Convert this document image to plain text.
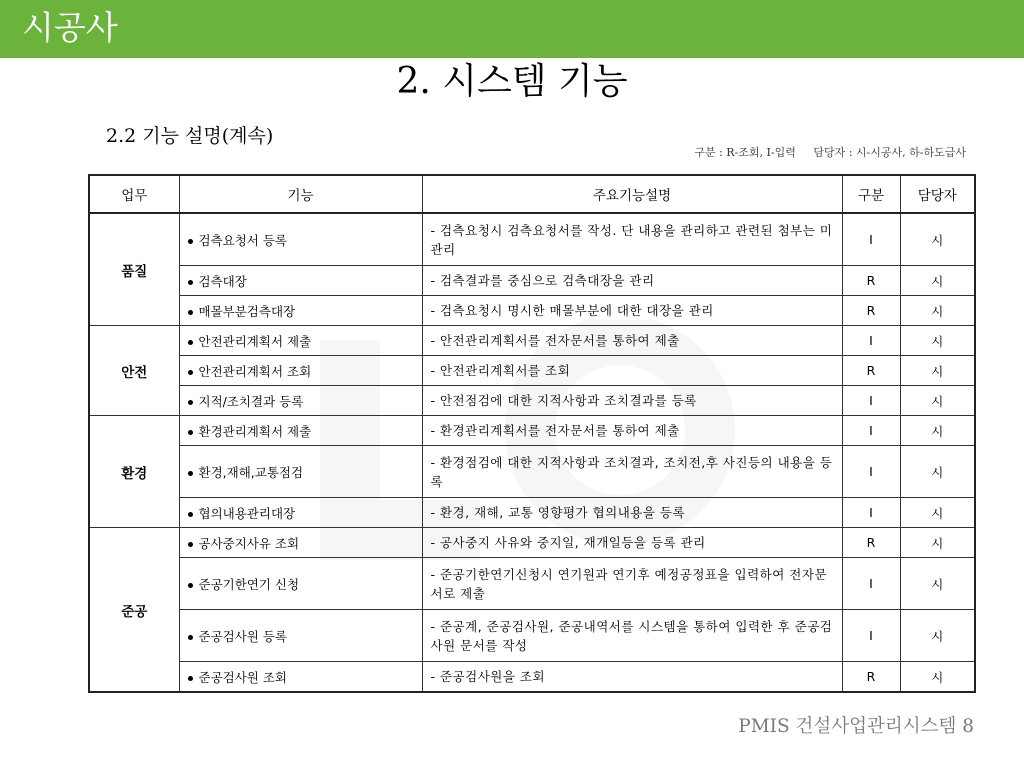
시공사
2. 시스템 기능
2.2 기능 설명(계속)
구분 : R-조회, I-입력     담당자 : 시-시공사, 하-하도급사
업무	기능	주요기능설명	구분	담당자
품질	검측요청서 등록	- 검측요청시 검측요청서를 작성. 단 내용을 관리하고 관련된 첨부는 미관리	I	시
	검측대장	- 검측결과를 중심으로 검측대장을 관리	R	시
	매몰부분검측대장	- 검측요청시 명시한 매몰부분에 대한 대장을 관리	R	시
안전	안전관리계획서 제출	- 안전관리계획서를 전자문서를 통하여 제출	I	시
	안전관리계획서 조회	- 안전관리계획서를 조회	R	시
	지적/조치결과 등록	- 안전점검에 대한 지적사항과 조치결과를 등록	I	시
환경	환경관리계획서 제출	- 환경관리계획서를 전자문서를 통하여 제출	I	시
	환경,재해,교통점검	- 환경점검에 대한 지적사항과 조치결과, 조치전,후 사진등의 내용을 등록	I	시
	협의내용관리대장	- 환경, 재해, 교통 영향평가 협의내용을 등록	I	시
준공	공사중지사유 조회	- 공사중지 사유와 중지일, 재개일등을 등록 관리	R	시
	준공기한연기 신청	- 준공기한연기신청시 연기원과 연기후 예정공정표을 입력하여 전자문서로 제출	I	시
	준공검사원 등록	- 준공계, 준공검사원, 준공내역서를 시스템을 통하여 입력한 후 준공검사원 문서를 작성	I	시
	준공검사원 조회	- 준공검사원을 조회	R	시
PMIS 건설사업관리시스템 8
